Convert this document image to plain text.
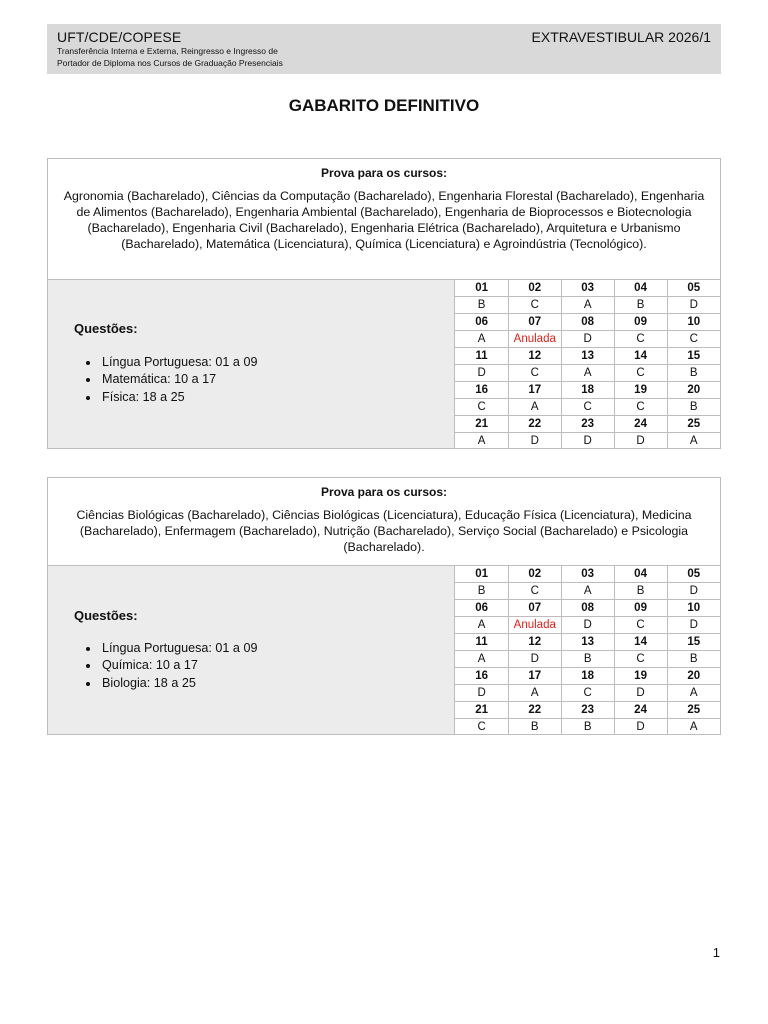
UFT/CDE/COPESE	EXTRAVESTIBULAR 2026/1
Transferência Interna e Externa, Reingresso e Ingresso de
Portador de Diploma nos Cursos de Graduação Presenciais
GABARITO DEFINITIVO
Prova para os cursos:
Agronomia (Bacharelado), Ciências da Computação (Bacharelado), Engenharia Florestal (Bacharelado), Engenharia de Alimentos (Bacharelado), Engenharia Ambiental (Bacharelado), Engenharia de Bioprocessos e Biotecnologia (Bacharelado), Engenharia Civil (Bacharelado), Engenharia Elétrica (Bacharelado), Arquitetura e Urbanismo (Bacharelado), Matemática (Licenciatura), Química (Licenciatura) e Agroindústria (Tecnológico).
Questões:
• Língua Portuguesa: 01 a 09
• Matemática: 10 a 17
• Física: 18 a 25
01	02	03	04	05
B	C	A	B	D
06	07	08	09	10
A	Anulada	D	C	C
11	12	13	14	15
D	C	A	C	B
16	17	18	19	20
C	A	C	C	B
21	22	23	24	25
A	D	D	D	A
Prova para os cursos:
Ciências Biológicas (Bacharelado), Ciências Biológicas (Licenciatura), Educação Física (Licenciatura), Medicina (Bacharelado), Enfermagem (Bacharelado), Nutrição (Bacharelado), Serviço Social (Bacharelado) e Psicologia (Bacharelado).
Questões:
• Língua Portuguesa: 01 a 09
• Química: 10 a 17
• Biologia: 18 a 25
01	02	03	04	05
B	C	A	B	D
06	07	08	09	10
A	Anulada	D	C	D
11	12	13	14	15
A	D	B	C	B
16	17	18	19	20
D	A	C	D	A
21	22	23	24	25
C	B	B	D	A
1
